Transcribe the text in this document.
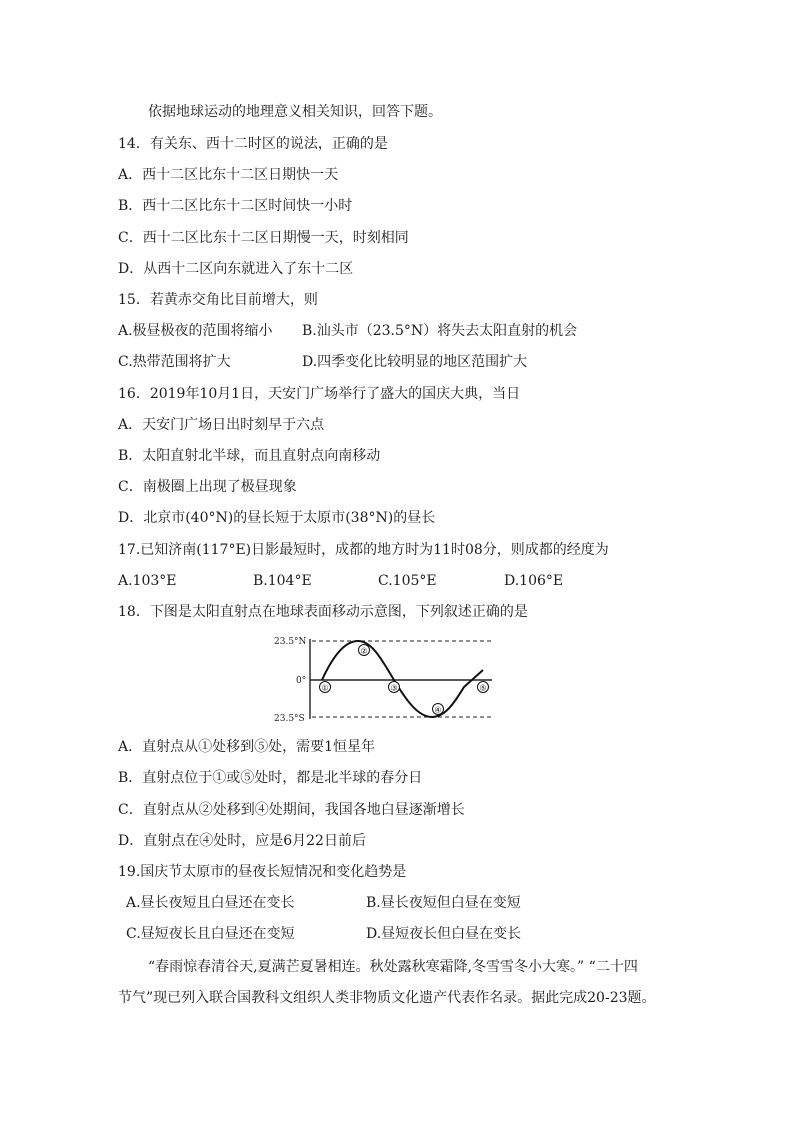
依据地球运动的地理意义相关知识，回答下题。
14．有关东、西十二时区的说法，正确的是
A．西十二区比东十二区日期快一天
B．西十二区比东十二区时间快一小时
C．西十二区比东十二区日期慢一天，时刻相同
D．从西十二区向东就进入了东十二区
15．若黄赤交角比目前增大，则
A.极昼极夜的范围将缩小 B.汕头市（23.5°N）将失去太阳直射的机会
C.热带范围将扩大	D.四季变化比较明显的地区范围扩大
16．2019年10月1日，天安门广场举行了盛大的国庆大典，当日
A．天安门广场日出时刻早于六点
B．太阳直射北半球，而且直射点向南移动
C．南极圈上出现了极昼现象
D．北京市(40°N)的昼长短于太原市(38°N)的昼长
17.已知济南(117°E)日影最短时，成都的地方时为11时08分，则成都的经度为
A.103°E	B.104°E	C.105°E	D.106°E
18．下图是太阳直射点在地球表面移动示意图，下列叙述正确的是
23.5°N
0°
23.5°S
①
②
③
④
⑤
A．直射点从①处移到⑤处，需要1恒星年
B．直射点位于①或⑤处时，都是北半球的春分日
C．直射点从②处移到④处期间，我国各地白昼逐渐增长
D．直射点在④处时，应是6月22日前后
19.国庆节太原市的昼夜长短情况和变化趋势是
A.昼长夜短且白昼还在变长	B.昼长夜短但白昼在变短
C.昼短夜长且白昼还在变短	D.昼短夜长但白昼在变长
“春雨惊春清谷天,夏满芒夏暑相连。秋处露秋寒霜降,冬雪雪冬小大寒。” “二十四
节气”现已列入联合国教科文组织人类非物质文化遗产代表作名录。据此完成20-23题。
